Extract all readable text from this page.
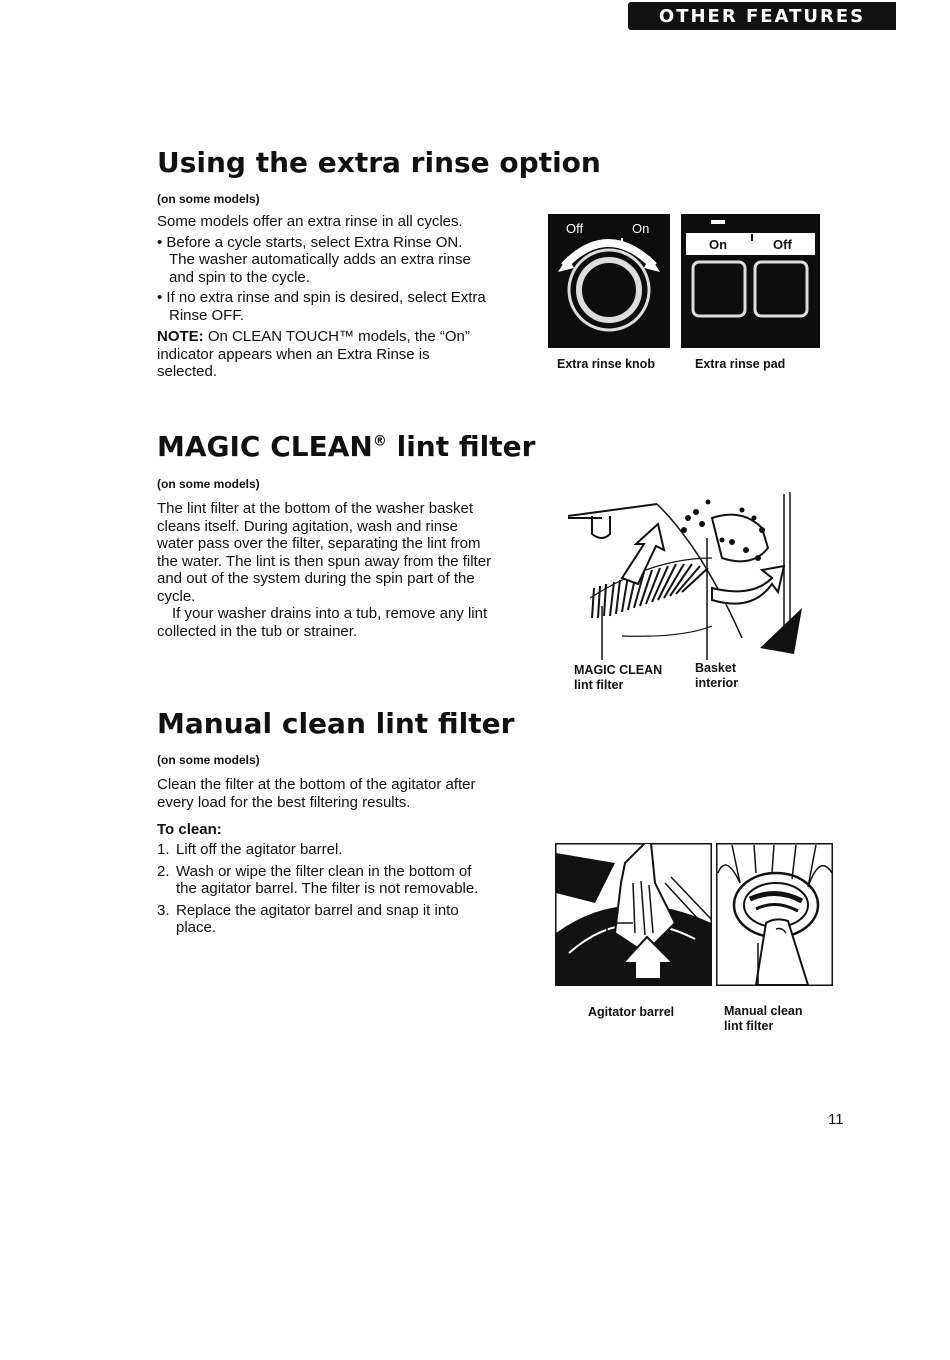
OTHER FEATURES
Using the extra rinse option
(on some models)

Some models offer an extra rinse in all cycles.

• Before a cycle starts, select Extra Rinse ON. The washer automatically adds an extra rinse and spin to the cycle.

• If no extra rinse and spin is desired, select Extra Rinse OFF.

NOTE: On CLEAN TOUCH™ models, the “On” indicator appears when an Extra Rinse is selected.

Off	On
On	Off
Extra rinse knob	Extra rinse pad
MAGIC CLEAN® lint filter
(on some models)

The lint filter at the bottom of the washer basket cleans itself. During agitation, wash and rinse water pass over the filter, separating the lint from the water. The lint is then spun away from the filter and out of the system during the spin part of the cycle.

If your washer drains into a tub, remove any lint collected in the tub or strainer.

MAGIC CLEAN
lint filter
Basket
interior
Manual clean lint filter
(on some models)
Clean the filter at the bottom of the agitator after every load for the best filtering results.
To clean:
1. Lift off the agitator barrel.
2. Wash or wipe the filter clean in the bottom of the agitator barrel. The filter is not removable.
3. Replace the agitator barrel and snap it into place.
Agitator barrel	Manual clean
lint filter
11
